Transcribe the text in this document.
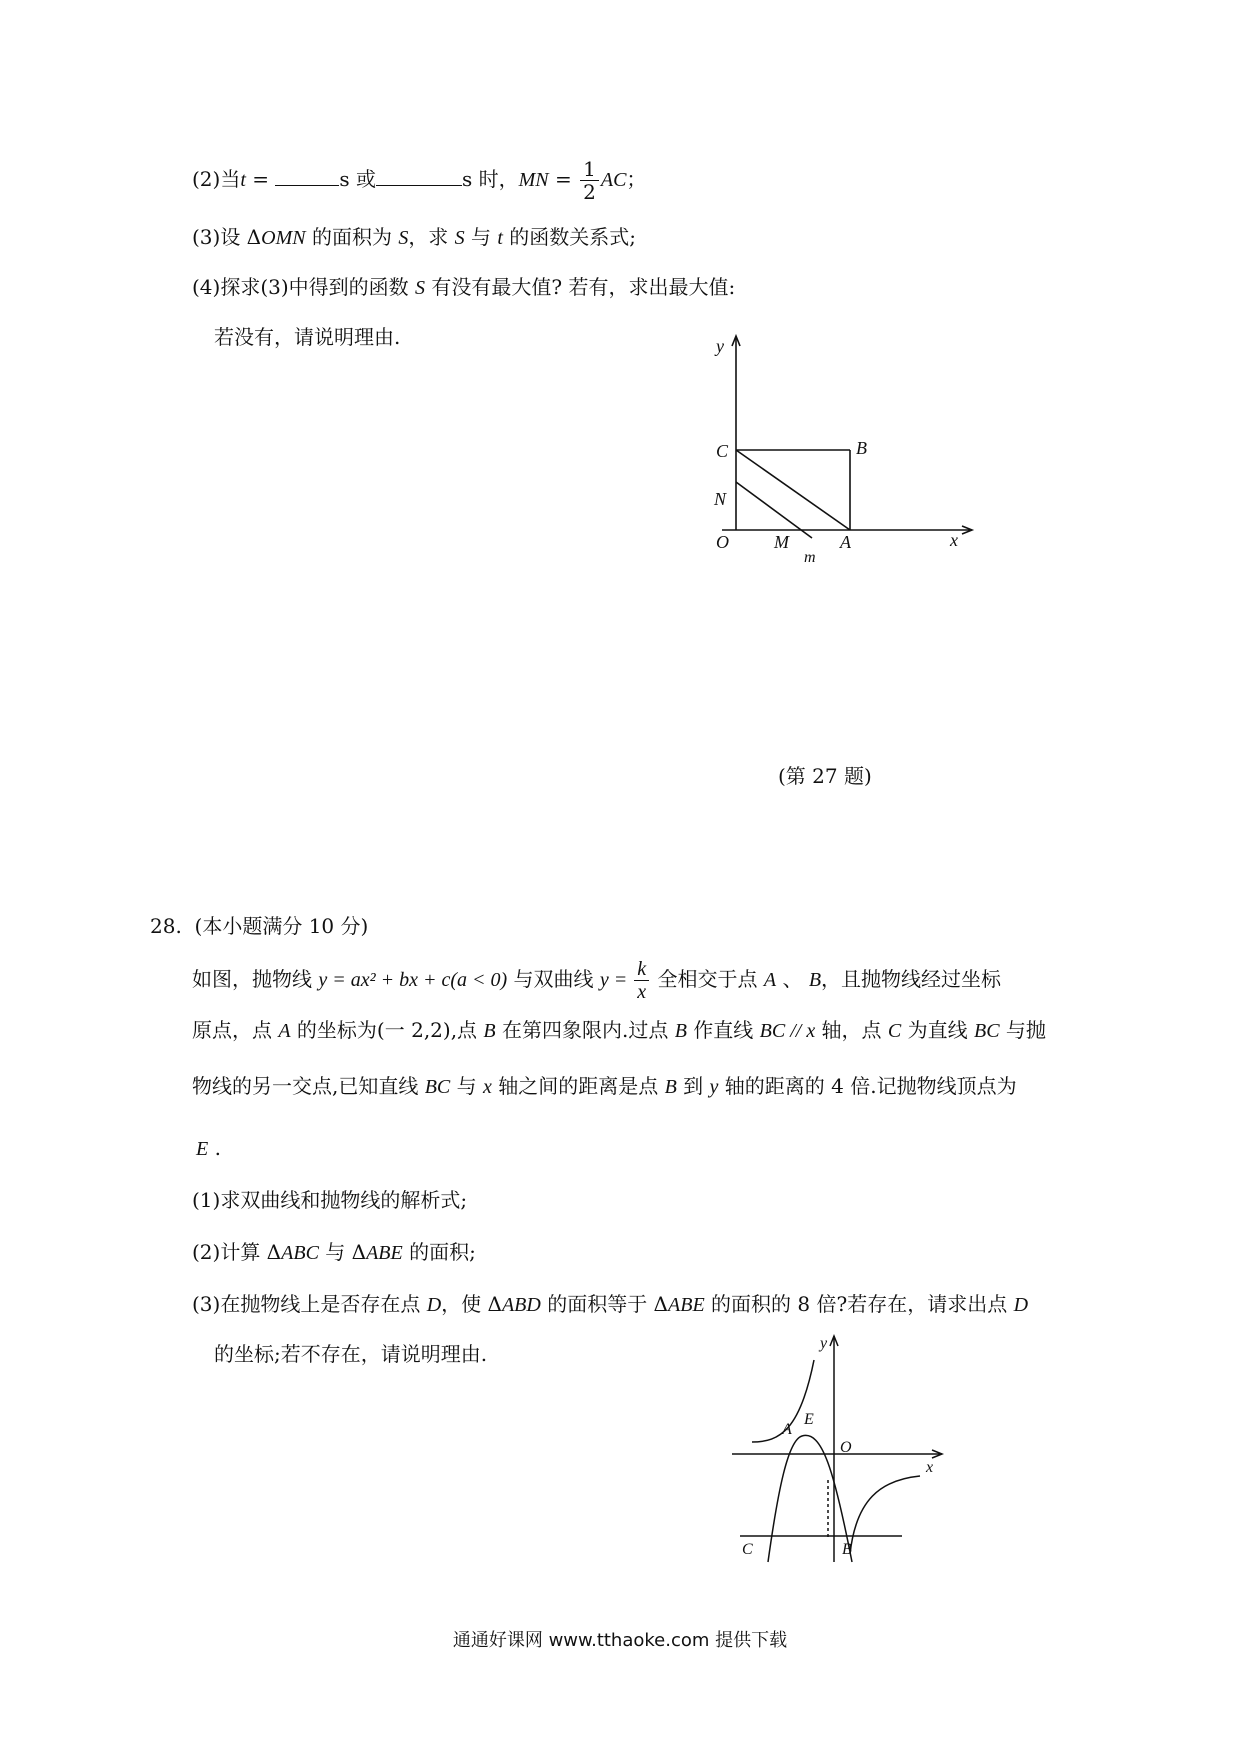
(2)当t =	s 或	s 时，MN = $\frac{1}{2}$ AC；
(3)设 ΔOMN 的面积为 S，求 S 与 t 的函数关系式;
(4)探求(3)中得到的函数 S 有没有最大值? 若有，求出最大值:
若没有，请说明理由.	y
x
C	B
N
O	M	A
m
(第 27 题)
28. (本小题满分 10 分)
如图，抛物线 y = ax² + bx + c(a < 0) 与双曲线 $y = \frac{k}{x}$ 全相交于点 A 、 B，且抛物线经过坐标
原点，点 A 的坐标为(一 2,2),点 B 在第四象限内.过点 B 作直线 BC // x 轴，点 C 为直线 BC 与抛
物线的另一交点,已知直线 BC 与 x 轴之间的距离是点 B 到 y 轴的距离的 4 倍.记抛物线顶点为
E .
(1)求双曲线和抛物线的解析式;
(2)计算 ΔABC 与 ΔABE 的面积;
(3)在抛物线上是否存在点 D，使 ΔABD 的面积等于 ΔABE 的面积的 8 倍?若存在，请求出点 D
的坐标;若不存在，请说明理由.	y
x
A
E
O
C	B
通通好课网 www.tthaoke.com 提供下载
